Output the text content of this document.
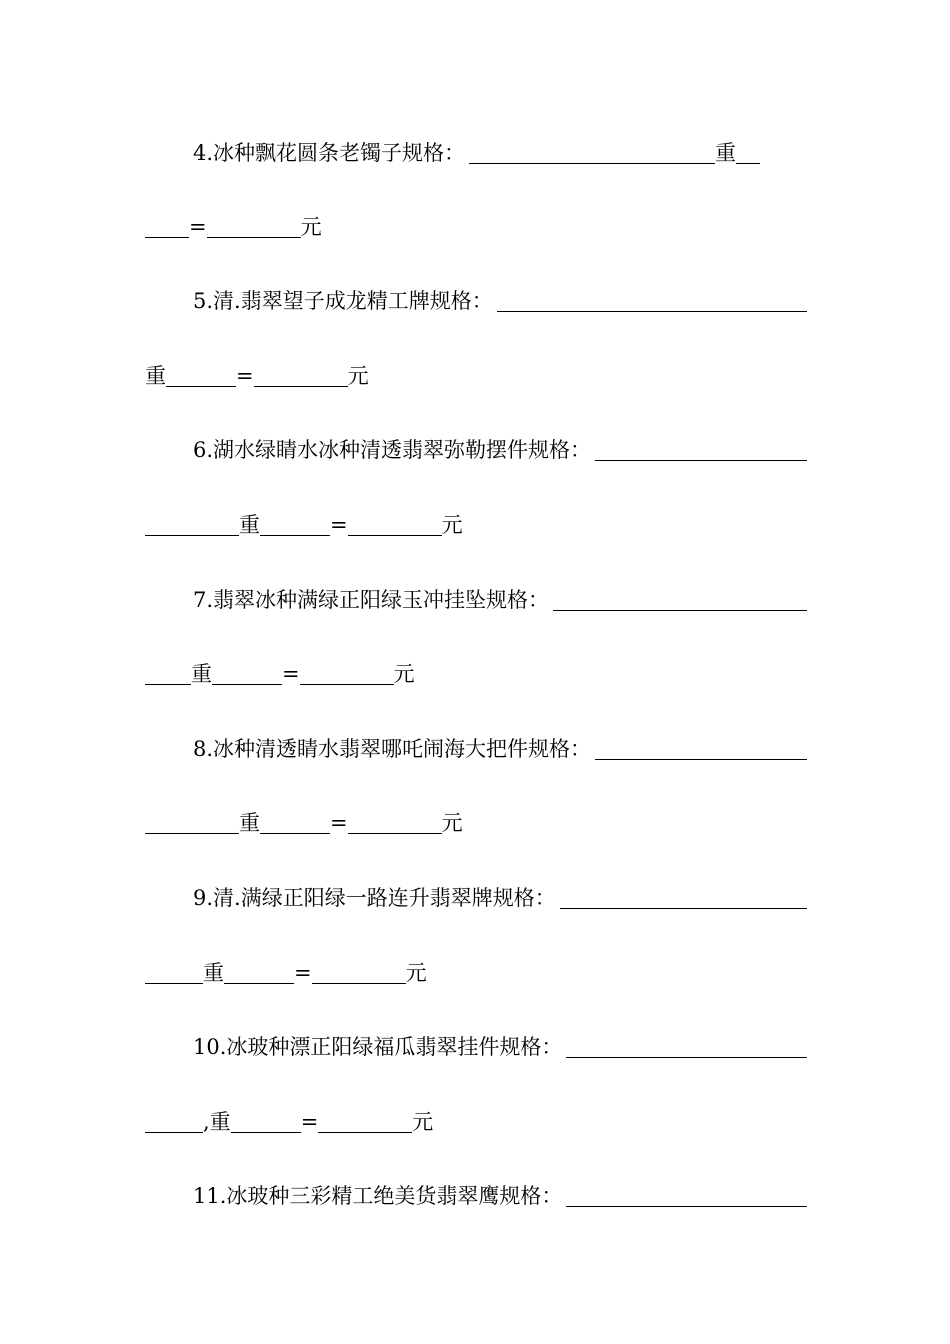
4.冰种飘花圆条老镯子规格：	重
=	元
5.清.翡翠望子成龙精工牌规格：
重	=	元
6.湖水绿睛水冰种清透翡翠弥勒摆件规格：
重	=	元
7.翡翠冰种满绿正阳绿玉冲挂坠规格：
重	=	元
8.冰种清透睛水翡翠哪吒闹海大把件规格：
重	=	元
9.清.满绿正阳绿一路连升翡翠牌规格：
重	=	元
10.冰玻种漂正阳绿福瓜翡翠挂件规格：
,重	=	元
11.冰玻种三彩精工绝美货翡翠鹰规格：
